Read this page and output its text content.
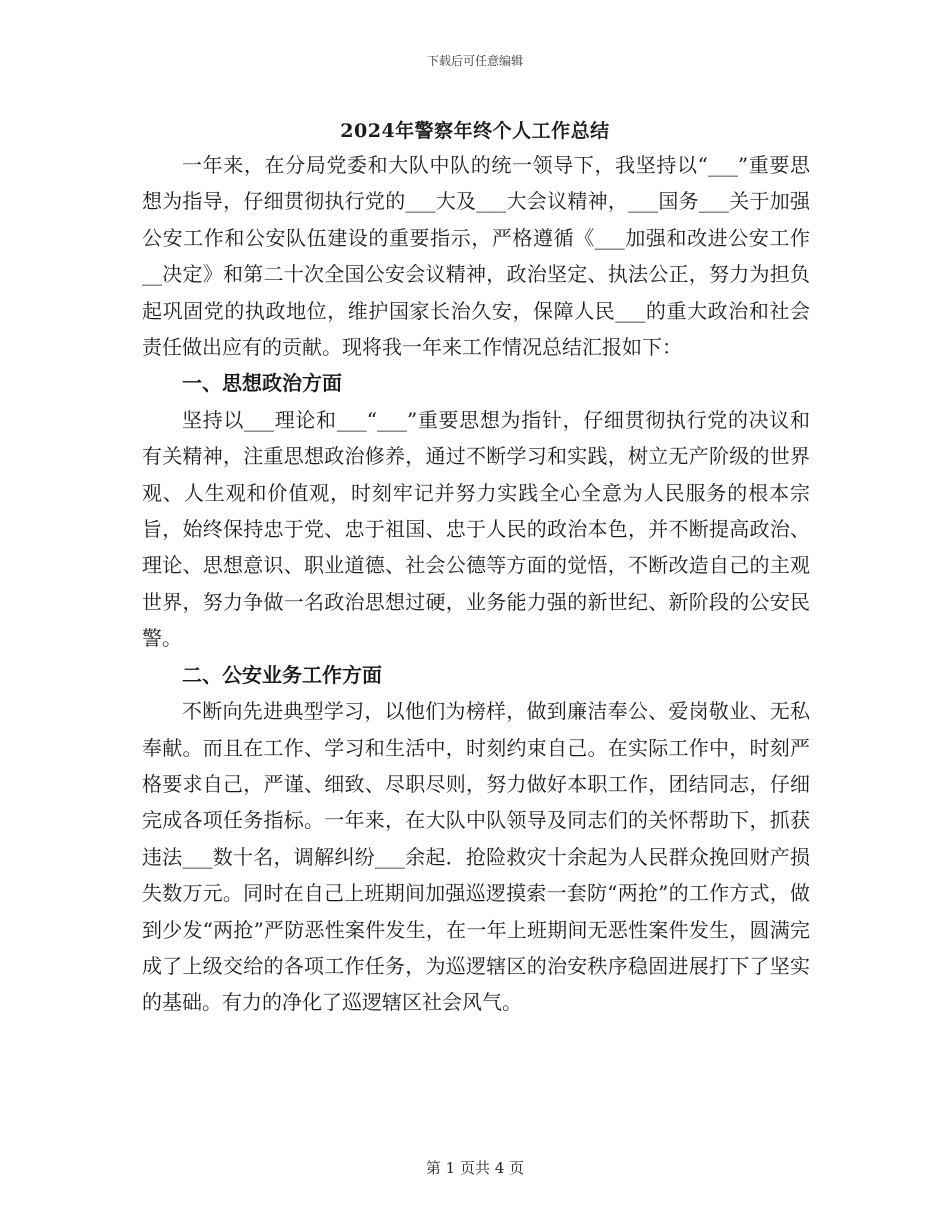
下载后可任意编辑
2024年警察年终个人工作总结

一年来，在分局党委和大队中队的统一领导下，我坚持以“___”重要思想为指导，仔细贯彻执行党的___大及___大会议精神，___国务___关于加强公安工作和公安队伍建设的重要指示，严格遵循《___加强和改进公安工作__决定》和第二十次全国公安会议精神，政治坚定、执法公正，努力为担负起巩固党的执政地位，维护国家长治久安，保障人民___的重大政治和社会责任做出应有的贡献。现将我一年来工作情况总结汇报如下：

一、思想政治方面

坚持以___理论和___“___”重要思想为指针，仔细贯彻执行党的决议和有关精神，注重思想政治修养，通过不断学习和实践，树立无产阶级的世界观、人生观和价值观，时刻牢记并努力实践全心全意为人民服务的根本宗旨，始终保持忠于党、忠于祖国、忠于人民的政治本色，并不断提高政治、理论、思想意识、职业道德、社会公德等方面的觉悟，不断改造自己的主观世界，努力争做一名政治思想过硬，业务能力强的新世纪、新阶段的公安民警。

二、公安业务工作方面

不断向先进典型学习，以他们为榜样，做到廉洁奉公、爱岗敬业、无私奉献。而且在工作、学习和生活中，时刻约束自己。在实际工作中，时刻严格要求自己，严谨、细致、尽职尽则，努力做好本职工作，团结同志，仔细完成各项任务指标。一年来，在大队中队领导及同志们的关怀帮助下，抓获违法___数十名，调解纠纷___余起．抢险救灾十余起为人民群众挽回财产损失数万元。同时在自己上班期间加强巡逻摸索一套防“两抢”的工作方式，做到少发“两抢”严防恶性案件发生，在一年上班期间无恶性案件发生，圆满完成了上级交给的各项工作任务，为巡逻辖区的治安秩序稳固进展打下了坚实的基础。有力的净化了巡逻辖区社会风气。

第 1 页共 4 页
